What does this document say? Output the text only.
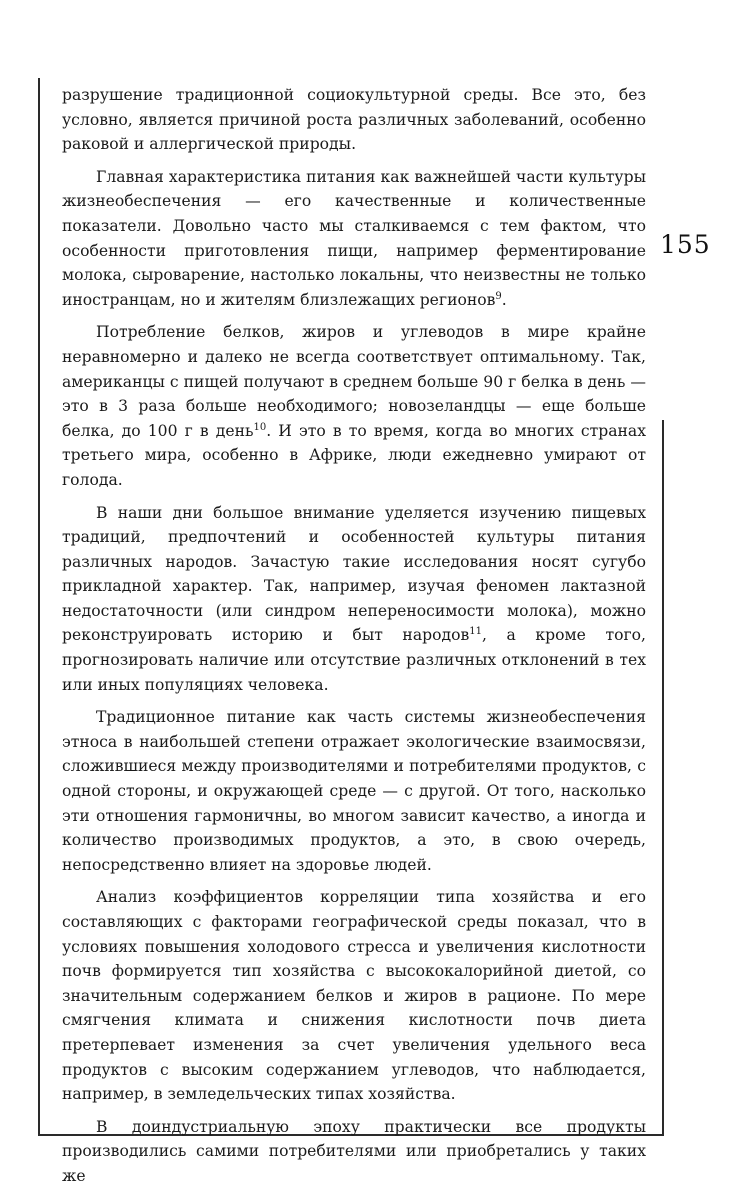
155

разрушение традиционной социокультурной среды. Все это, без условно, является причиной роста различных заболеваний, особенно раковой и аллергической природы.

Главная характеристика питания как важнейшей части культуры жизнеобеспечения — его качественные и количественные показатели. Довольно часто мы сталкиваемся с тем фактом, что особенности приготовления пищи, например ферментирование молока, сыроварение, настолько локальны, что неизвестны не только иностранцам, но и жителям близлежащих регионов$^9$.

Потребление белков, жиров и углеводов в мире крайне неравномерно и далеко не всегда соответствует оптимальному. Так, американцы с пищей получают в среднем больше 90 г белка в день — это в 3 раза больше необходимого; новозеландцы — еще больше белка, до 100 г в день$^{10}$. И это в то время, когда во многих странах третьего мира, особенно в Африке, люди ежедневно умирают от голода.

В наши дни большое внимание уделяется изучению пищевых традиций, предпочтений и особенностей культуры питания различных народов. Зачастую такие исследования носят сугубо прикладной характер. Так, например, изучая феномен лактазной недостаточности (или синдром непереносимости молока), можно реконструировать историю и быт народов$^{11}$, а кроме того, прогнозировать наличие или отсутствие различных отклонений в тех или иных популяциях человека.

Традиционное питание как часть системы жизнеобеспечения этноса в наибольшей степени отражает экологические взаимосвязи, сложившиеся между производителями и потребителями продуктов, с одной стороны, и окружающей среде — с другой. От того, насколько эти отношения гармоничны, во многом зависит качество, а иногда и количество производимых продуктов, а это, в свою очередь, непосредственно влияет на здоровье людей.

Анализ коэффициентов корреляции типа хозяйства и его составляющих с факторами географической среды показал, что в условиях повышения холодового стресса и увеличения кислотности почв формируется тип хозяйства с высококалорийной диетой, со значительным содержанием белков и жиров в рационе. По мере смягчения климата и снижения кислотности почв диета претерпевает изменения за счет увеличения удельного веса продуктов с высоким содержанием углеводов, что наблюдается, например, в земледельческих типах хозяйства.

В доиндустриальную эпоху практически все продукты производились самими потребителями или приобретались у таких же
